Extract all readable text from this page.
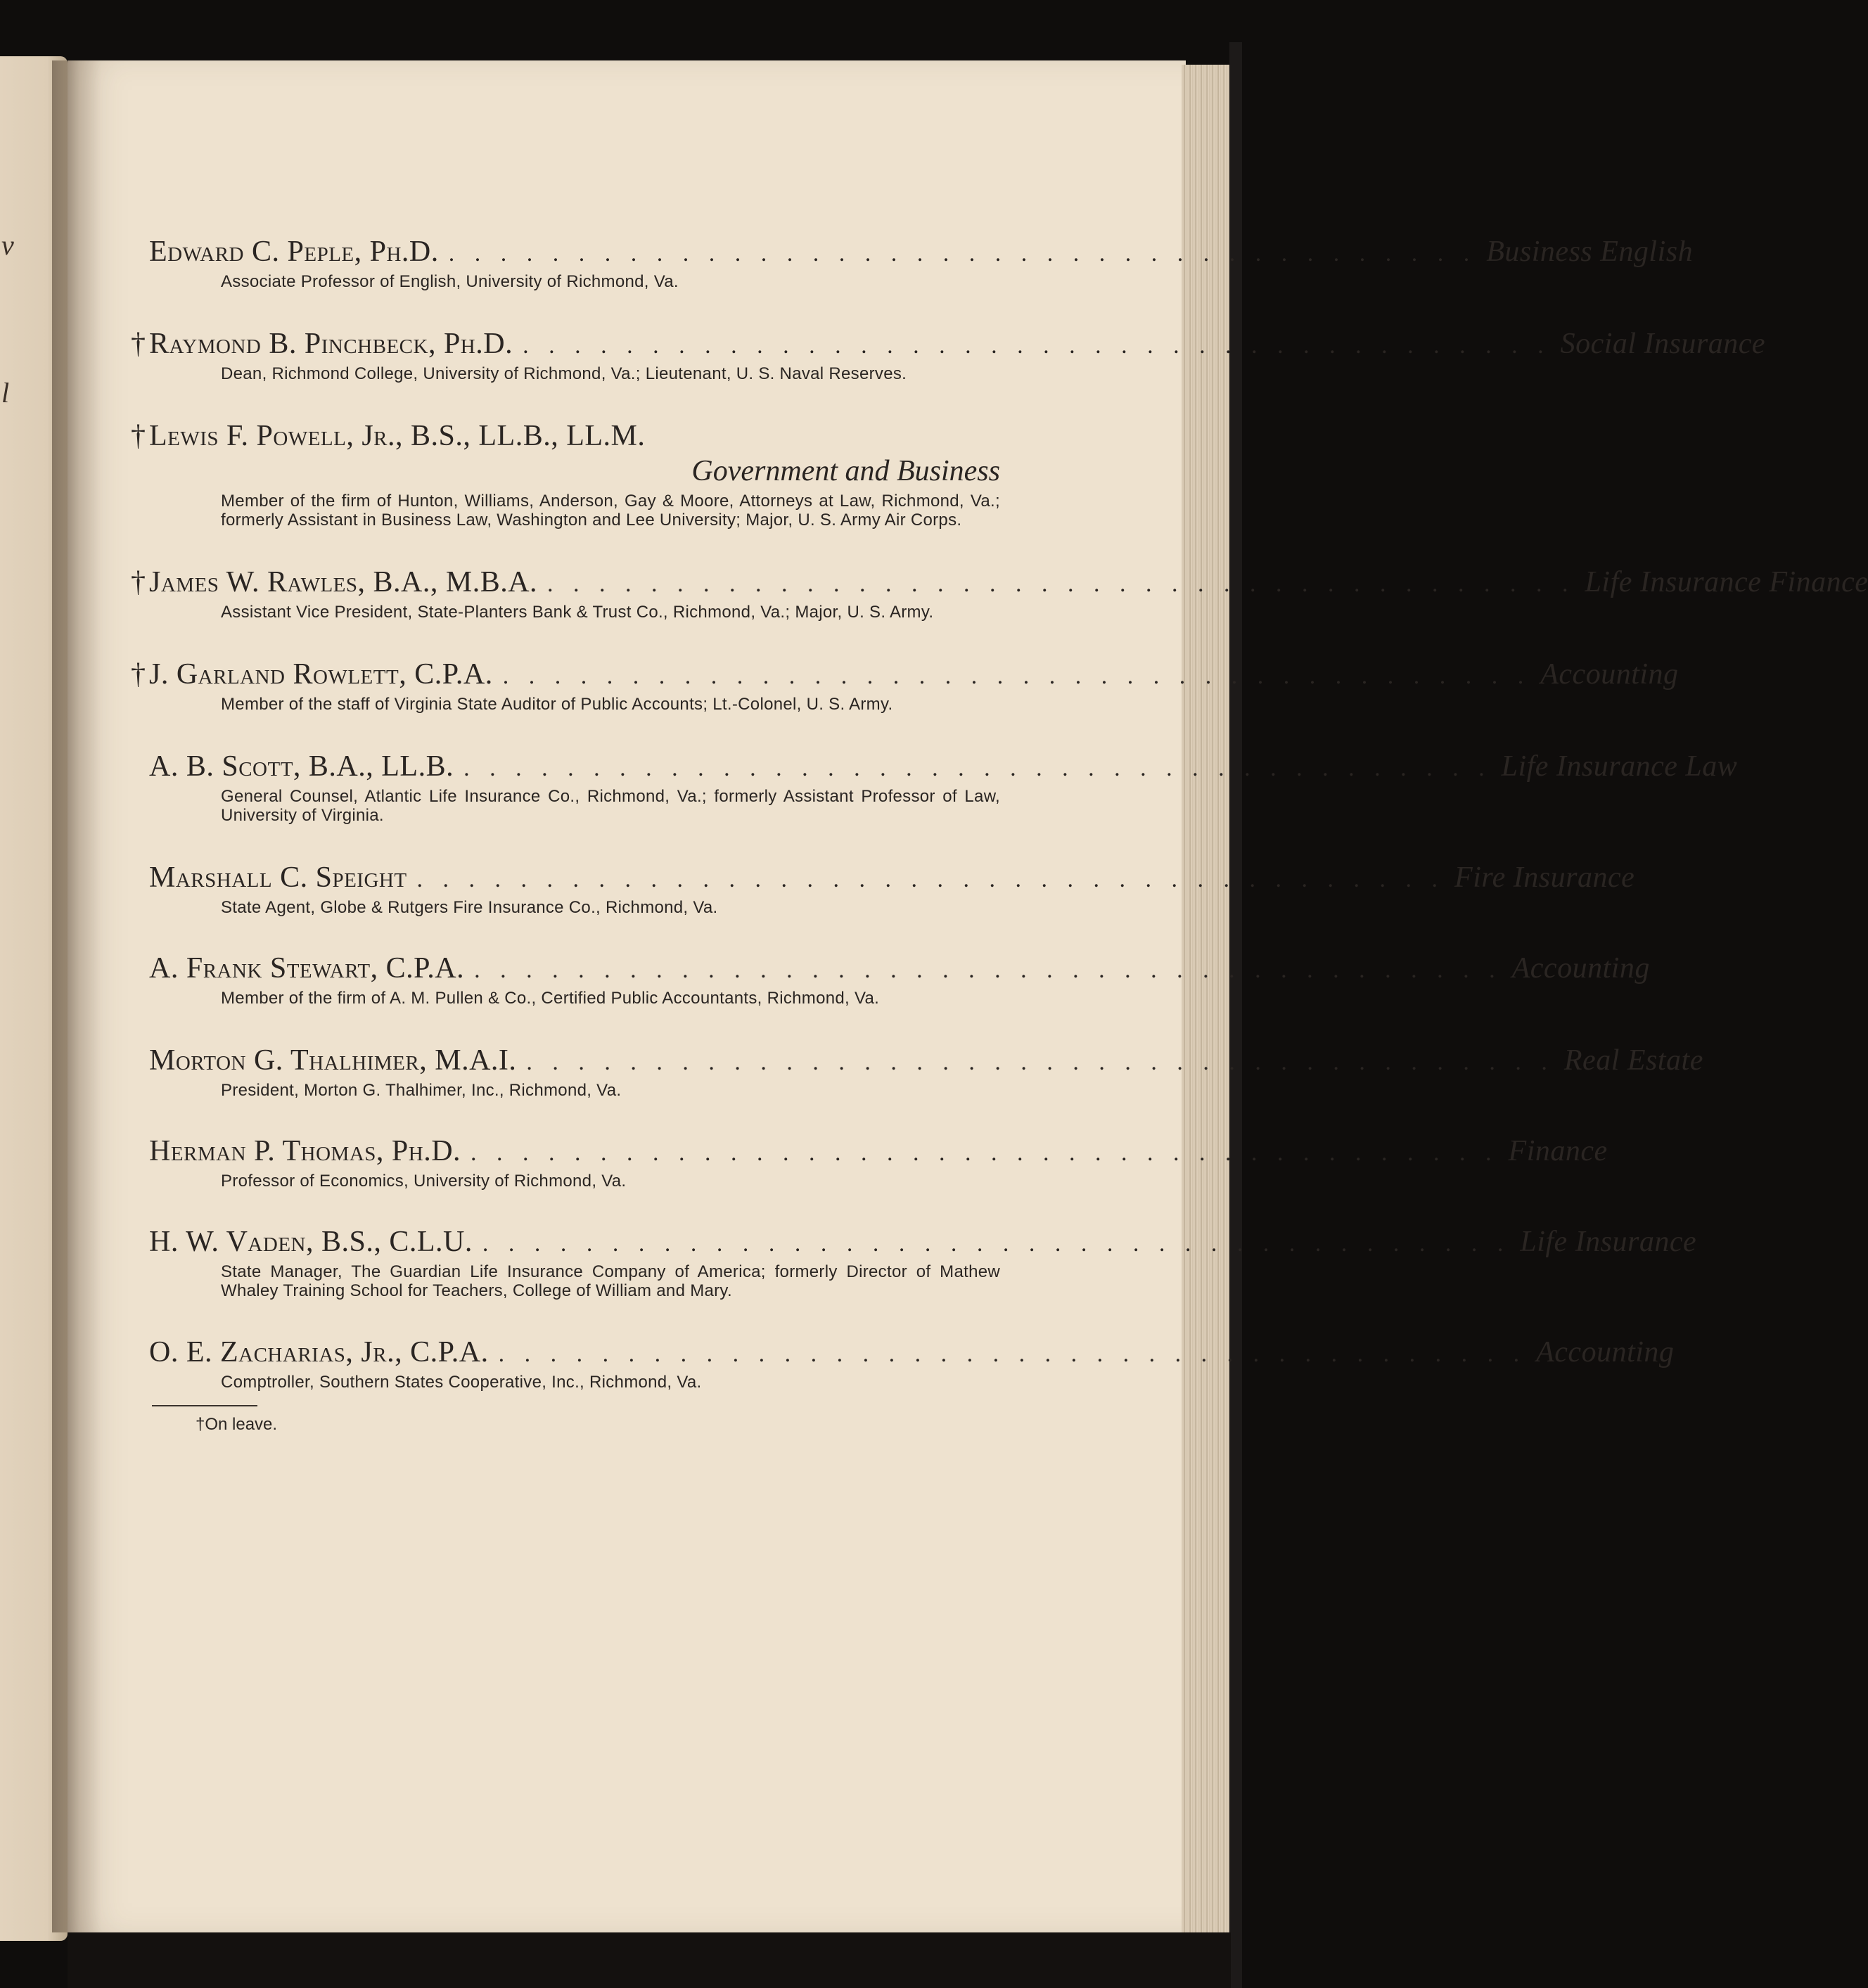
v
l
Edward C. Peple, Ph.D. . . . . . . . . . . . . . . . . . . . . . . . . . . . . . . . . . . . . . . . . Business English
Associate Professor of English, University of Richmond, Va.
† Raymond B. Pinchbeck, Ph.D. . . . . . . . . . . . . . . . . . . . . . . . . . . . . . . . . . . . . . . . . Social Insurance
Dean, Richmond College, University of Richmond, Va.; Lieutenant, U. S. Naval Reserves.
† Lewis F. Powell, Jr., B.S., LL.B., LL.M.
Government and Business
Member of the firm of Hunton, Williams, Anderson, Gay & Moore, Attorneys at Law, Richmond, Va.; formerly Assistant in Business Law, Washington and Lee University; Major, U. S. Army Air Corps.
† James W. Rawles, B.A., M.B.A. . . . . . . . . . . . . . . . . . . . . . . . . . . . . . . . . . . . . . . . . Life Insurance Finance
Assistant Vice President, State-Planters Bank & Trust Co., Richmond, Va.; Major, U. S. Army.
† J. Garland Rowlett, C.P.A. . . . . . . . . . . . . . . . . . . . . . . . . . . . . . . . . . . . . . . . . Accounting
Member of the staff of Virginia State Auditor of Public Accounts; Lt.-Colonel, U. S. Army.
A. B. Scott, B.A., LL.B. . . . . . . . . . . . . . . . . . . . . . . . . . . . . . . . . . . . . . . . . Life Insurance Law
General Counsel, Atlantic Life Insurance Co., Richmond, Va.; formerly Assistant Professor of Law, University of Virginia.
Marshall C. Speight . . . . . . . . . . . . . . . . . . . . . . . . . . . . . . . . . . . . . . . . Fire Insurance
State Agent, Globe & Rutgers Fire Insurance Co., Richmond, Va.
A. Frank Stewart, C.P.A. . . . . . . . . . . . . . . . . . . . . . . . . . . . . . . . . . . . . . . . . Accounting
Member of the firm of A. M. Pullen & Co., Certified Public Accountants, Richmond, Va.
Morton G. Thalhimer, M.A.I. . . . . . . . . . . . . . . . . . . . . . . . . . . . . . . . . . . . . . . . . Real Estate
President, Morton G. Thalhimer, Inc., Richmond, Va.
Herman P. Thomas, Ph.D. . . . . . . . . . . . . . . . . . . . . . . . . . . . . . . . . . . . . . . . . Finance
Professor of Economics, University of Richmond, Va.
H. W. Vaden, B.S., C.L.U. . . . . . . . . . . . . . . . . . . . . . . . . . . . . . . . . . . . . . . . . Life Insurance
State Manager, The Guardian Life Insurance Company of America; formerly Director of Mathew Whaley Training School for Teachers, College of William and Mary.
O. E. Zacharias, Jr., C.P.A. . . . . . . . . . . . . . . . . . . . . . . . . . . . . . . . . . . . . . . . . Accounting
Comptroller, Southern States Cooperative, Inc., Richmond, Va.
†On leave.
